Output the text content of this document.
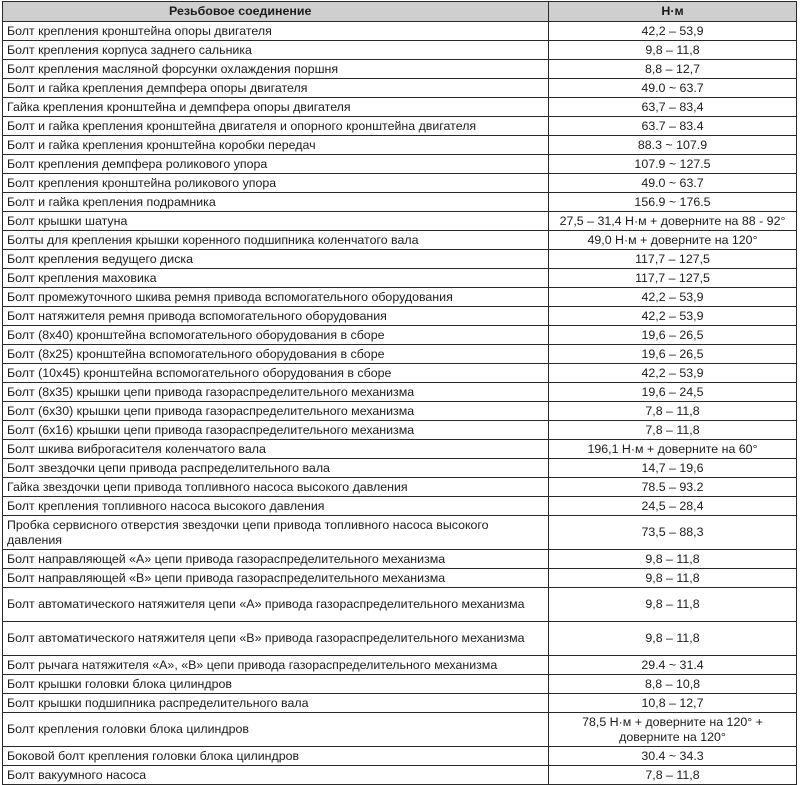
Резьбовое соединение	Н·м
Болт крепления кронштейна опоры двигателя	42,2 – 53,9
Болт крепления корпуса заднего сальника	9,8 – 11,8
Болт крепления масляной форсунки охлаждения поршня	8,8 – 12,7
Болт и гайка крепления демпфера опоры двигателя	49.0 ~ 63.7
Гайка крепления кронштейна и демпфера опоры двигателя	63,7 – 83,4
Болт и гайка крепления кронштейна двигателя и опорного кронштейна двигателя	63.7 – 83.4
Болт и гайка крепления кронштейна коробки передач	88.3 ~ 107.9
Болт крепления демпфера роликового упора	107.9 ~ 127.5
Болт крепления кронштейна роликового упора	49.0 ~ 63.7
Болт и гайка крепления подрамника	156.9 ~ 176.5
Болт крышки шатуна	27,5 – 31,4 Н·м + доверните на 88 - 92°
Болты для крепления крышки коренного подшипника коленчатого вала	49,0 Н·м + доверните на 120°
Болт крепления ведущего диска	117,7 – 127,5
Болт крепления маховика	117,7 – 127,5
Болт промежуточного шкива ремня привода вспомогательного оборудования	42,2 – 53,9
Болт натяжителя ремня привода вспомогательного оборудования	42,2 – 53,9
Болт (8х40) кронштейна вспомогательного оборудования в сборе	19,6 – 26,5
Болт (8х25) кронштейна вспомогательного оборудования в сборе	19,6 – 26,5
Болт (10х45) кронштейна вспомогательного оборудования в сборе	42,2 – 53,9
Болт (8х35) крышки цепи привода газораспределительного механизма	19,6 – 24,5
Болт (6х30) крышки цепи привода газораспределительного механизма	7,8 – 11,8
Болт (6х16) крышки цепи привода газораспределительного механизма	7,8 – 11,8
Болт шкива виброгасителя коленчатого вала	196,1 Н·м + доверните на 60°
Болт звездочки цепи привода распределительного вала	14,7 – 19,6
Гайка звездочки цепи привода топливного насоса высокого давления	78.5 – 93.2
Болт крепления топливного насоса высокого давления	24,5 – 28,4
Пробка сервисного отверстия звездочки цепи привода топливного насоса высокого давления	73,5 – 88,3
Болт направляющей «A» цепи привода газораспределительного механизма	9,8 – 11,8
Болт направляющей «B» цепи привода газораспределительного механизма	9,8 – 11,8
Болт автоматического натяжителя цепи «A» привода газораспределительного механизма	9,8 – 11,8
Болт автоматического натяжителя цепи «B» привода газораспределительного механизма	9,8 – 11,8
Болт рычага натяжителя «A», «B» цепи привода газораспределительного механизма	29.4 ~ 31.4
Болт крышки головки блока цилиндров	8,8 – 10,8
Болт крышки подшипника распределительного вала	10,8 – 12,7
Болт крепления головки блока цилиндров	78,5 Н·м + доверните на 120° + доверните на 120°
Боковой болт крепления головки блока цилиндров	30.4 ~ 34.3
Болт вакуумного насоса	7,8 – 11,8
